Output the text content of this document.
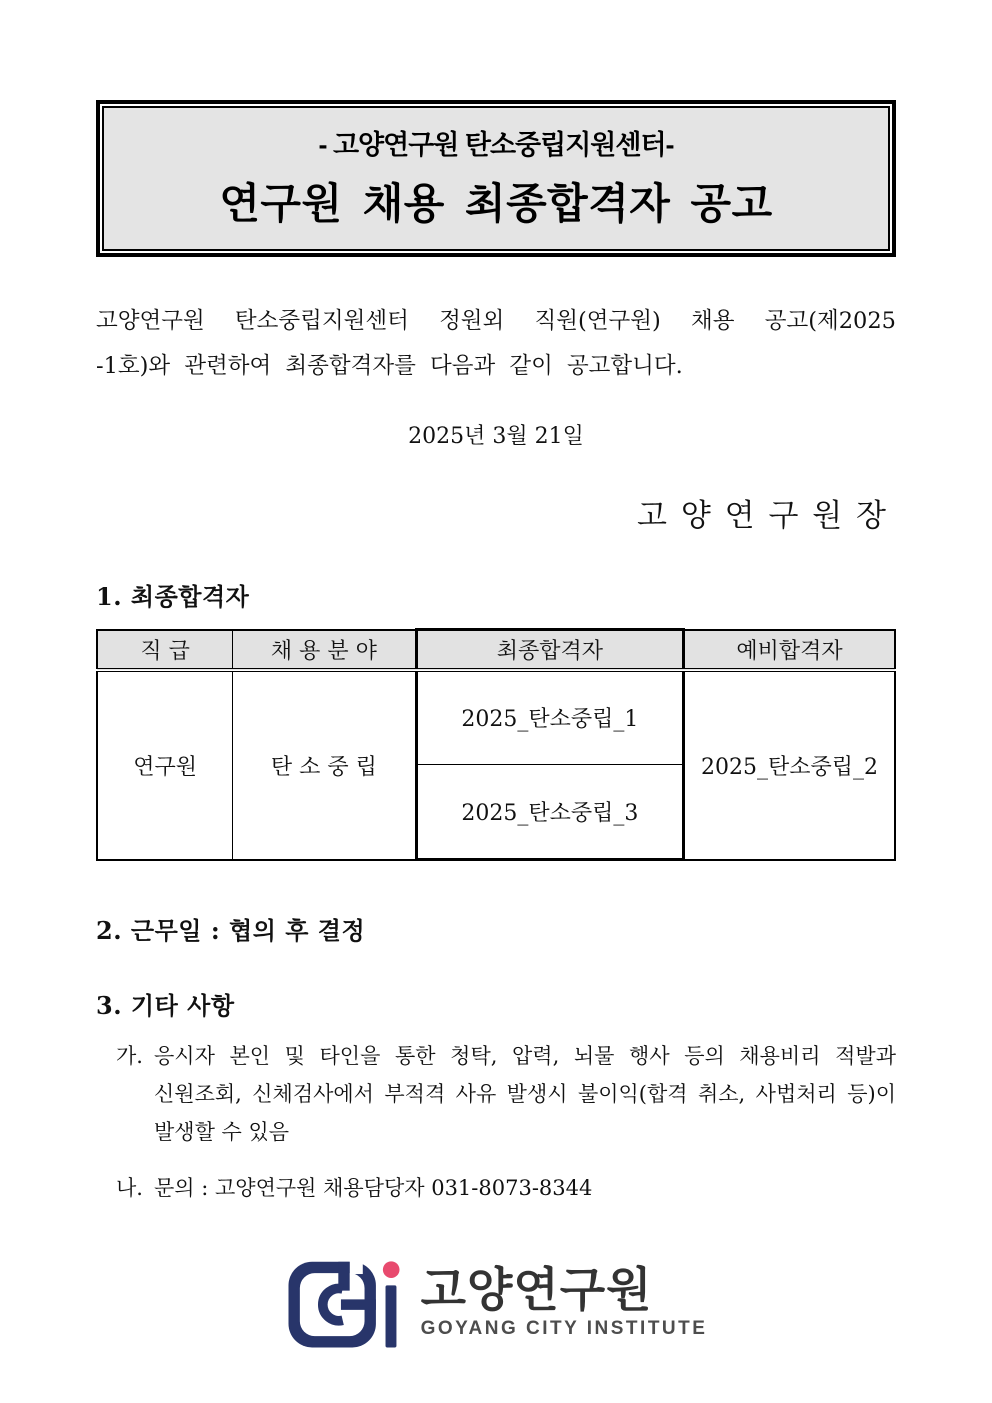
- 고양연구원 탄소중립지원센터-
연구원 채용 최종합격자 공고
고양연구원 탄소중립지원센터 정원외 직원(연구원) 채용 공고(제2025
-1호)와 관련하여 최종합격자를 다음과 같이 공고합니다.
2025년 3월 21일
고 양 연 구 원 장
1. 최종합격자
직 급	채 용 분 야	최종합격자	예비합격자
연구원	탄 소 중 립	2025_탄소중립_1	2025_탄소중립_2
		2025_탄소중립_3	
2. 근무일 : 협의 후 결정
3. 기타 사항
가. 응시자 본인 및 타인을 통한 청탁, 압력, 뇌물 행사 등의 채용비리 적발과
신원조회, 신체검사에서 부적격 사유 발생시 불이익(합격 취소, 사법처리 등)이
발생할 수 있음
나. 문의 : 고양연구원 채용담당자 031-8073-8344
고양연구원
GOYANG CITY INSTITUTE
